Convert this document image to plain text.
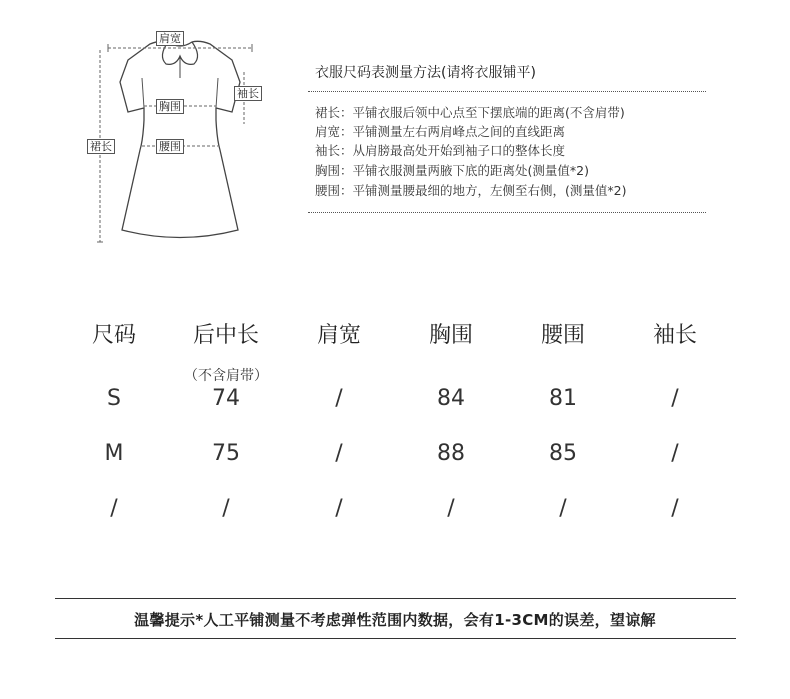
肩宽
袖长
胸围
裙长	腰围
衣服尺码表测量方法(请将衣服铺平)
裙长：平铺衣服后领中心点至下摆底端的距离(不含肩带)
肩宽：平铺测量左右两肩峰点之间的直线距离
袖长：从肩膀最高处开始到袖子口的整体长度
胸围：平铺衣服测量两腋下底的距离处(测量值*2)
腰围：平铺测量腰最细的地方，左侧至右侧，(测量值*2)
尺码	后中长	肩宽	胸围	腰围	袖长
（不含肩带）
S	74	/	84	81	/
M	75	/	88	85	/
/	/	/	/	/	/
温馨提示*人工平铺测量不考虑弹性范围内数据，会有1-3CM的误差，望谅解
